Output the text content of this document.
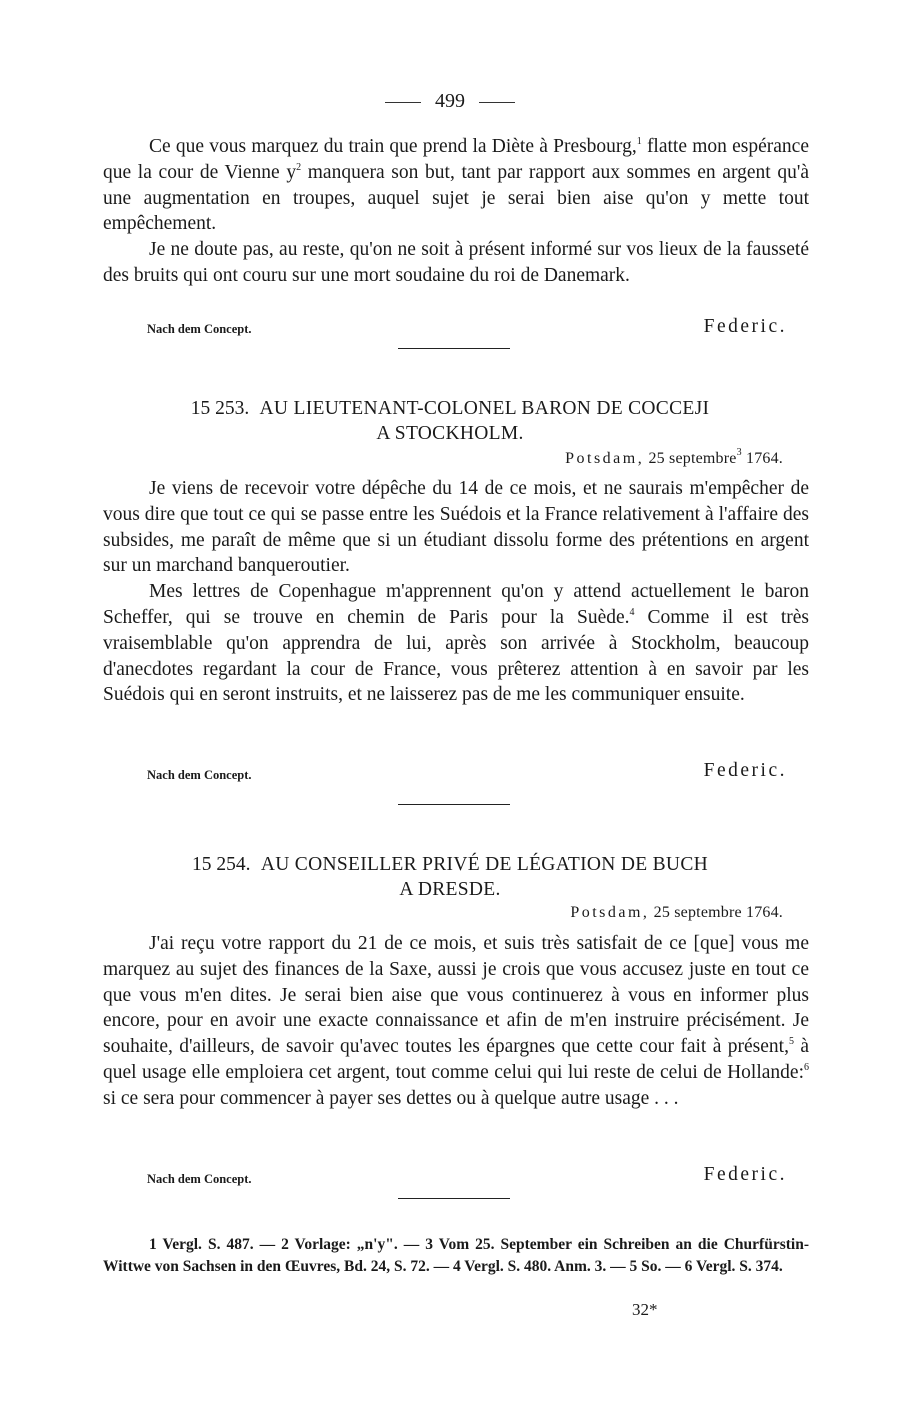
499

Ce que vous marquez du train que prend la Diète à Presbourg,$^1$ flatte mon espérance que la cour de Vienne $y^2$ manquera son but, tant par rapport aux sommes en argent qu'à une augmentation en troupes, auquel sujet je serai bien aise qu'on y mette tout empêchement.

Je ne doute pas, au reste, qu'on ne soit à présent informé sur vos lieux de la fausseté des bruits qui ont couru sur une mort soudaine du roi de Danemark.

Nach dem Concept.	Federic.
15 253. AU LIEUTENANT-COLONEL BARON DE COCCEJI
A STOCKHOLM.
Potsdam, 25 septembre$^3$ 1764.

Je viens de recevoir votre dépêche du 14 de ce mois, et ne saurais m'empêcher de vous dire que tout ce qui se passe entre les Suédois et la France relativement à l'affaire des subsides, me paraît de même que si un étudiant dissolu forme des prétentions en argent sur un marchand banqueroutier.

Mes lettres de Copenhague m'apprennent qu'on y attend actuellement le baron Scheffer, qui se trouve en chemin de Paris pour la Suède.$^4$ Comme il est très vraisemblable qu'on apprendra de lui, après son arrivée à Stockholm, beaucoup d'anecdotes regardant la cour de France, vous prêterez attention à en savoir par les Suédois qui en seront instruits, et ne laisserez pas de me les communiquer ensuite.

Nach dem Concept.	Federic.
15 254. AU CONSEILLER PRIVÉ DE LÉGATION DE BUCH
A DRESDE.
Potsdam, 25 septembre 1764.

J'ai reçu votre rapport du 21 de ce mois, et suis très satisfait de ce [que] vous me marquez au sujet des finances de la Saxe, aussi je crois que vous accusez juste en tout ce que vous m'en dites. Je serai bien aise que vous continuerez à vous en informer plus encore, pour en avoir une exacte connaissance et afin de m'en instruire précisément. Je souhaite, d'ailleurs, de savoir qu'avec toutes les épargnes que cette cour fait à présent,$^5$ à quel usage elle emploiera cet argent, tout comme celui qui lui reste de celui de Hollande:$^6$ si ce sera pour commencer à payer ses dettes ou à quelque autre usage . . .

Nach dem Concept.	Federic.

1 Vergl. S. 487. — 2 Vorlage: „n'y". — 3 Vom 25. September ein Schreiben an die Churfürstin-Wittwe von Sachsen in den Œuvres, Bd. 24, S. 72. — 4 Vergl. S. 480. Anm. 3. — 5 So. — 6 Vergl. S. 374.

32*
